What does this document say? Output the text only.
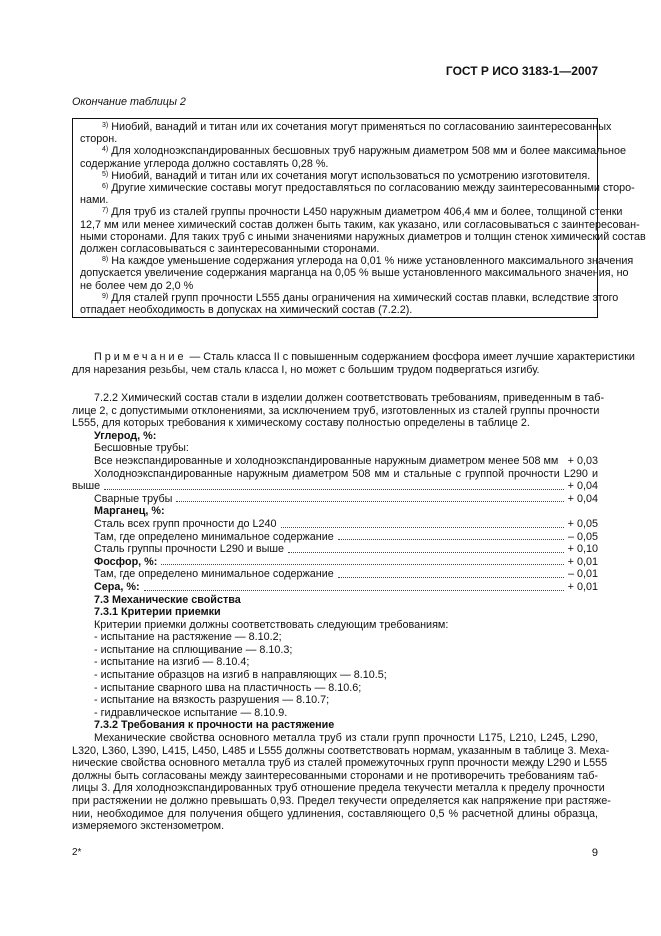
ГОСТ Р ИСО 3183-1—2007
Окончание таблицы 2
$^{3)}$ Ниобий, ванадий и титан или их сочетания могут применяться по согласованию заинтересованных
сторон.
$^{4)}$ Для холодноэкспандированных бесшовных труб наружным диаметром 508 мм и более максимальное
содержание углерода должно составлять 0,28 %.
$^{5)}$ Ниобий, ванадий и титан или их сочетания могут использоваться по усмотрению изготовителя.
$^{6)}$ Другие химические составы могут предоставляться по согласованию между заинтересованными сторо-
нами.
$^{7)}$ Для труб из сталей группы прочности L450 наружным диаметром 406,4 мм и более, толщиной стенки
12,7 мм или менее химический состав должен быть таким, как указано, или согласовываться с заинтересован-
ными сторонами. Для таких труб с иными значениями наружных диаметров и толщин стенок химический состав
должен согласовываться с заинтересованными сторонами.
$^{8)}$ На каждое уменьшение содержания углерода на 0,01 % ниже установленного максимального значения
допускается увеличение содержания марганца на 0,05 % выше установленного максимального значения, но
не более чем до 2,0 %
$^{9)}$ Для сталей групп прочности L555 даны ограничения на химический состав плавки, вследствие этого
отпадает необходимость в допусках на химический состав (7.2.2).
Примечание — Сталь класса II с повышенным содержанием фосфора имеет лучшие характеристики
для нарезания резьбы, чем сталь класса I, но может с большим трудом подвергаться изгибу.
7.2.2 Химический состав стали в изделии должен соответствовать требованиям, приведенным в таб-
лице 2, с допустимыми отклонениями, за исключением труб, изготовленных из сталей группы прочности
L555, для которых требования к химическому составу полностью определены в таблице 2.
Углерод, %:
Бесшовные трубы:
Все неэкспандированные и холодноэкспандированные наружным диаметром менее 508 мм + 0,03
Холодноэкспандированные наружным диаметром 508 мм и стальные с группой прочности L290 и
выше	+ 0,04
Сварные трубы	+ 0,04
Марганец, %:
Сталь всех групп прочности до L240	+ 0,05
Там, где определено минимальное содержание	– 0,05
Сталь группы прочности L290 и выше	+ 0,10
Фосфор, %:	+ 0,01
Там, где определено минимальное содержание	– 0,01
Сера, %:	+ 0,01
7.3 Механические свойства
7.3.1 Критерии приемки
Критерии приемки должны соответствовать следующим требованиям:
- испытание на растяжение — 8.10.2;
- испытание на сплющивание — 8.10.3;
- испытание на изгиб — 8.10.4;
- испытание образцов на изгиб в направляющих — 8.10.5;
- испытание сварного шва на пластичность — 8.10.6;
- испытание на вязкость разрушения — 8.10.7;
- гидравлическое испытание — 8.10.9.
7.3.2 Требования к прочности на растяжение
Механические свойства основного металла труб из стали групп прочности L175, L210, L245, L290,
L320, L360, L390, L415, L450, L485 и L555 должны соответствовать нормам, указанным в таблице 3. Меха-
нические свойства основного металла труб из сталей промежуточных групп прочности между L290 и L555
должны быть согласованы между заинтересованными сторонами и не противоречить требованиям таб-
лицы 3. Для холодноэкспандированных труб отношение предела текучести металла к пределу прочности
при растяжении не должно превышать 0,93. Предел текучести определяется как напряжение при растяже-
нии, необходимое для получения общего удлинения, составляющего 0,5 % расчетной длины образца,
измеряемого экстензометром.
2*	9
